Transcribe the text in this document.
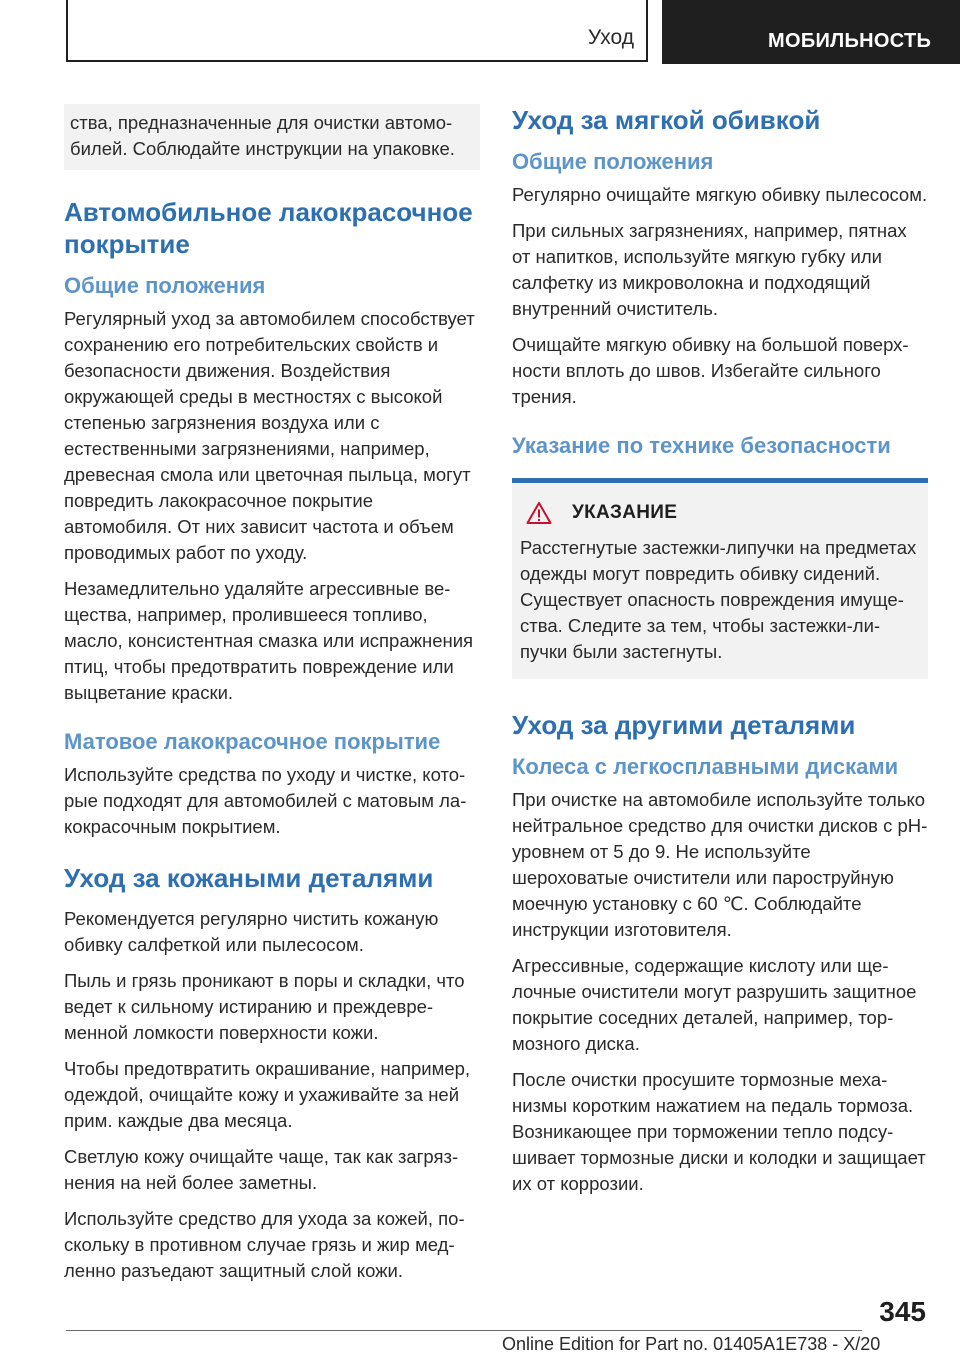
Уход	МОБИЛЬНОСТЬ

ства, предназначенные для очистки автомобилей. Соблюдайте инструкции на упаковке.

Автомобильное лакокрасочное покрытие
Общие положения

Регулярный уход за автомобилем способствует сохранению его потребительских свойств и безопасности движения. Воздействия окружающей среды в местностях с высокой степенью загрязнения воздуха или с естественными загрязнениями, например, древесная смола или цветочная пыльца, могут повредить лакокрасочное покрытие автомобиля. От них зависит частота и объем проводимых работ по уходу.

Незамедлительно удаляйте агрессивные вещества, например, пролившееся топливо, масло, консистентная смазка или испражнения птиц, чтобы предотвратить повреждение или выцветание краски.

Матовое лакокрасочное покрытие

Используйте средства по уходу и чистке, которые подходят для автомобилей с матовым лакокрасочным покрытием.

Уход за кожаными деталями

Рекомендуется регулярно чистить кожаную обивку салфеткой или пылесосом.

Пыль и грязь проникают в поры и складки, что ведет к сильному истиранию и преждевременной ломкости поверхности кожи.

Чтобы предотвратить окрашивание, например, одеждой, очищайте кожу и ухаживайте за ней прим. каждые два месяца.

Светлую кожу очищайте чаще, так как загрязнения на ней более заметны.

Используйте средство для ухода за кожей, поскольку в противном случае грязь и жир медленно разъедают защитный слой кожи.

Уход за мягкой обивкой
Общие положения

Регулярно очищайте мягкую обивку пылесосом.

При сильных загрязнениях, например, пятнах от напитков, используйте мягкую губку или салфетку из микроволокна и подходящий внутренний очиститель.

Очищайте мягкую обивку на большой поверхности вплоть до швов. Избегайте сильного трения.

Указание по технике безопасности
УКАЗАНИЕ

Расстегнутые застежки-липучки на предметах одежды могут повредить обивку сидений. Существует опасность повреждения имущества. Следите за тем, чтобы застежки-липучки были застегнуты.

Уход за другими деталями
Колеса с легкосплавными дисками

При очистке на автомобиле используйте только нейтральное средство для очистки дисков с pH-уровнем от 5 до 9. Не используйте шероховатые очистители или пароструйную моечную установку с 60 ℃. Соблюдайте инструкции изготовителя.

Агрессивные, содержащие кислоту или щелочные очистители могут разрушить защитное покрытие соседних деталей, например, тормозного диска.

После очистки просушите тормозные механизмы коротким нажатием на педаль тормоза. Возникающее при торможении тепло подсушивает тормозные диски и колодки и защищает их от коррозии.

345
Online Edition for Part no. 01405A1E738 - X/20
